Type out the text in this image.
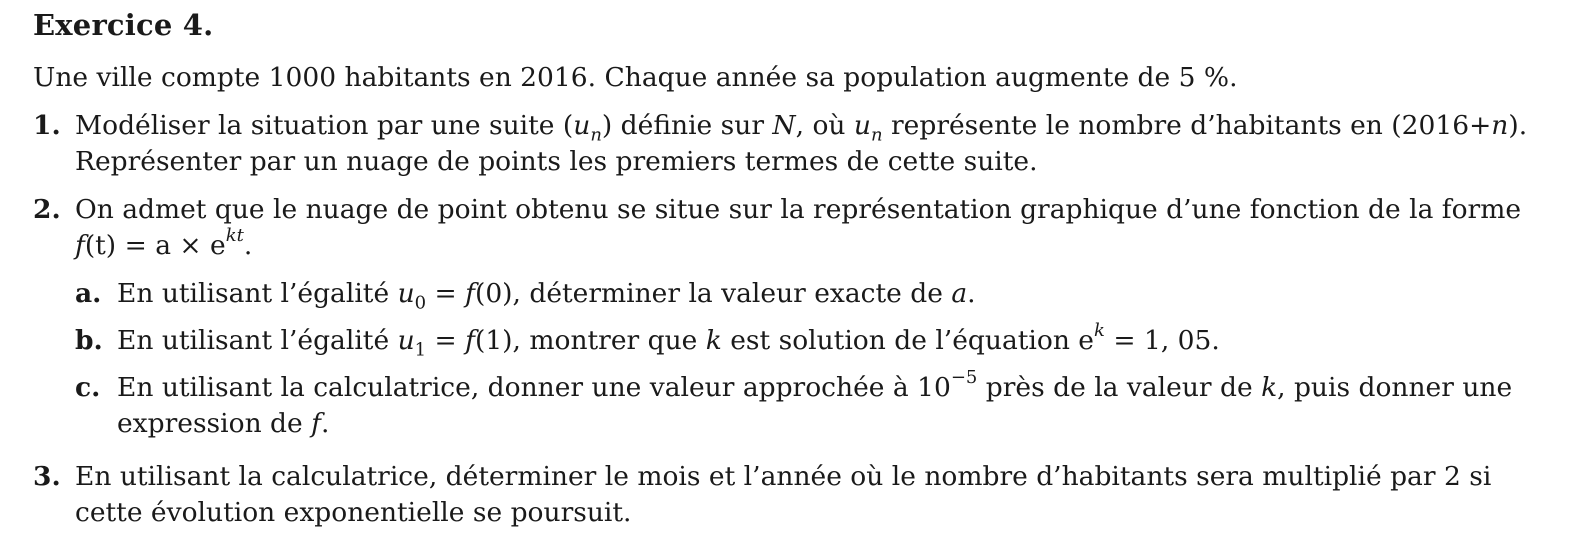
Exercice 4.
Une ville compte 1000 habitants en 2016. Chaque année sa population augmente de 5 %.
1. Modéliser la situation par une suite $(u_n)$ définie sur N, où $u_n$ représente le nombre d’habitants en (2016+n).
Représenter par un nuage de points les premiers termes de cette suite.
2. On admet que le nuage de point obtenu se situe sur la représentation graphique d’une fonction de la forme
$f(t) = a \times e^{kt}$.
a. En utilisant l’égalité $u_0 = f(0)$, déterminer la valeur exacte de a.
b. En utilisant l’égalité $u_1 = f(1)$, montrer que k est solution de l’équation $e^k = 1$, 05.
c. En utilisant la calculatrice, donner une valeur approchée à $10^{-5}$ près de la valeur de k, puis donner une
expression de f.
3. En utilisant la calculatrice, déterminer le mois et l’année où le nombre d’habitants sera multiplié par 2 si
cette évolution exponentielle se poursuit.
